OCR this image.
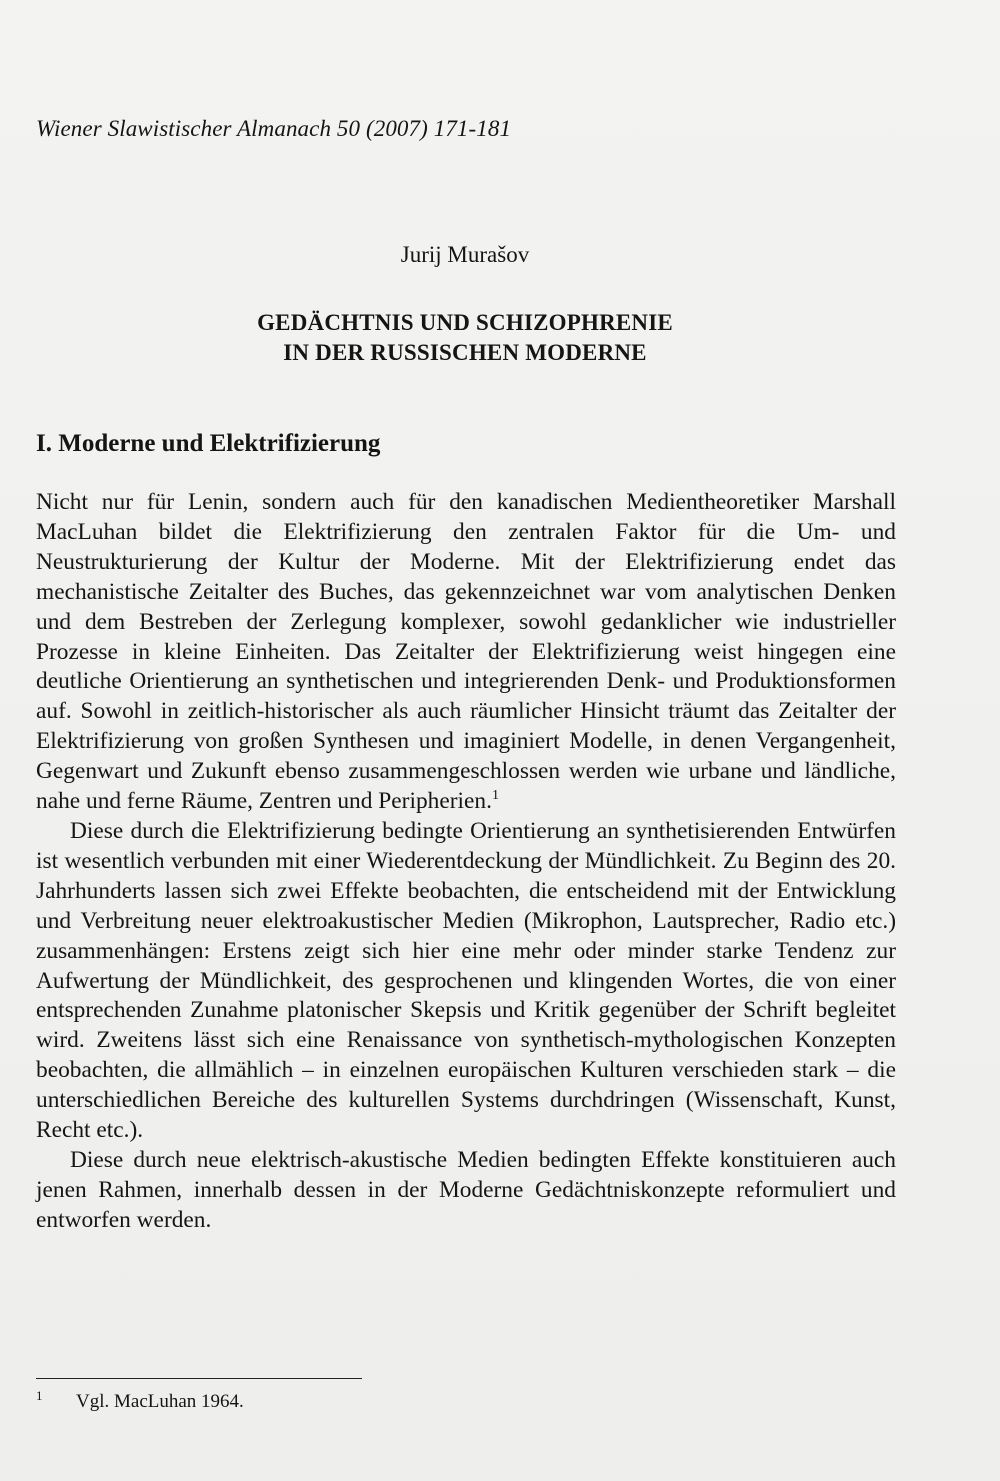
Wiener Slawistischer Almanach 50 (2007) 171-181
Jurij Murašov
GEDÄCHTNIS UND SCHIZOPHRENIE
IN DER RUSSISCHEN MODERNE
I. Moderne und Elektrifizierung

Nicht nur für Lenin, sondern auch für den kanadischen Medientheoretiker Marshall MacLuhan bildet die Elektrifizierung den zentralen Faktor für die Um- und Neustrukturierung der Kultur der Moderne. Mit der Elektrifizierung endet das mechanistische Zeitalter des Buches, das gekennzeichnet war vom analytischen Denken und dem Bestreben der Zerlegung komplexer, sowohl gedanklicher wie industrieller Prozesse in kleine Einheiten. Das Zeitalter der Elektrifizierung weist hingegen eine deutliche Orientierung an synthetischen und integrierenden Denk- und Produktionsformen auf. Sowohl in zeitlich-historischer als auch räumlicher Hinsicht träumt das Zeitalter der Elektrifizierung von großen Synthesen und imaginiert Modelle, in denen Vergangenheit, Gegenwart und Zukunft ebenso zusammengeschlossen werden wie urbane und ländliche, nahe und ferne Räume, Zentren und Peripherien.$^1$

Diese durch die Elektrifizierung bedingte Orientierung an synthetisierenden Entwürfen ist wesentlich verbunden mit einer Wiederentdeckung der Mündlichkeit. Zu Beginn des 20. Jahrhunderts lassen sich zwei Effekte beobachten, die entscheidend mit der Entwicklung und Verbreitung neuer elektroakustischer Medien (Mikrophon, Lautsprecher, Radio etc.) zusammenhängen: Erstens zeigt sich hier eine mehr oder minder starke Tendenz zur Aufwertung der Mündlichkeit, des gesprochenen und klingenden Wortes, die von einer entsprechenden Zunahme platonischer Skepsis und Kritik gegenüber der Schrift begleitet wird. Zweitens lässt sich eine Renaissance von synthetisch-mythologischen Konzepten beobachten, die allmählich – in einzelnen europäischen Kulturen verschieden stark – die unterschiedlichen Bereiche des kulturellen Systems durchdringen (Wissenschaft, Kunst, Recht etc.).

Diese durch neue elektrisch-akustische Medien bedingten Effekte konstituieren auch jenen Rahmen, innerhalb dessen in der Moderne Gedächtniskonzepte reformuliert und entworfen werden.

1 Vgl. MacLuhan 1964.
